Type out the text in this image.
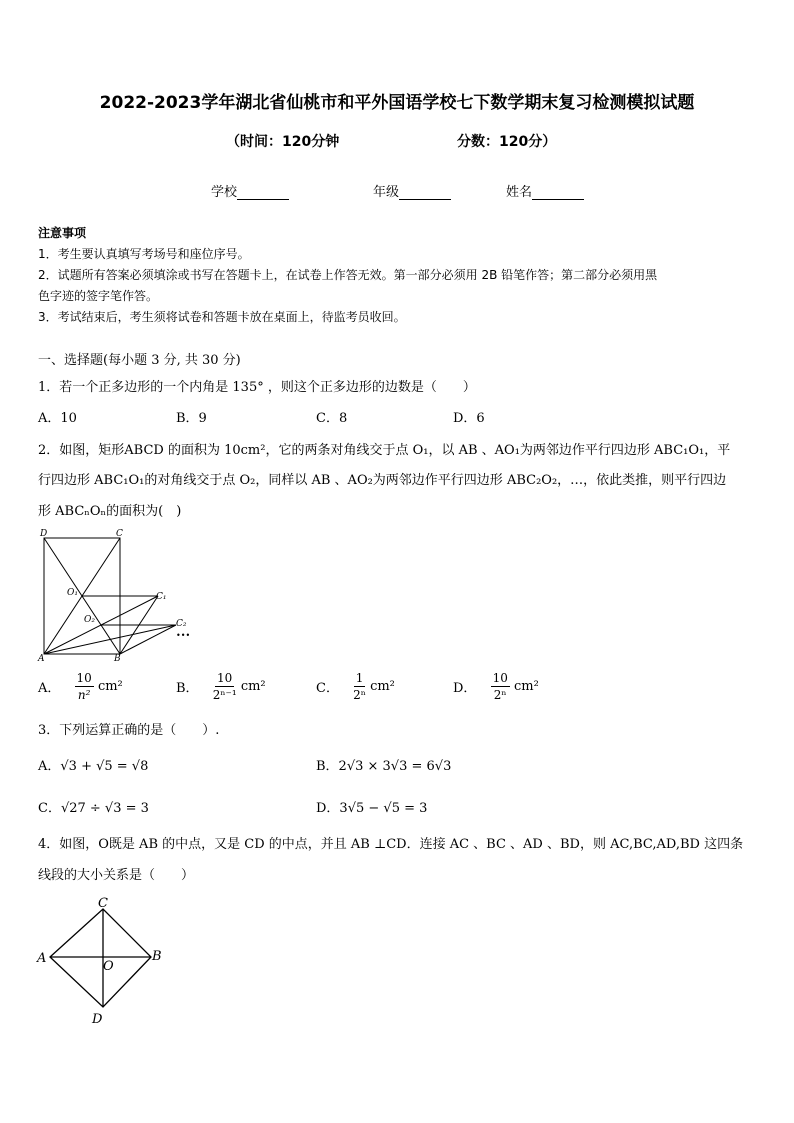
2022-2023学年湖北省仙桃市和平外国语学校七下数学期末复习检测模拟试题
（时间：120分钟	分数：120分）
学校	年级	姓名
注意事项
1．考生要认真填写考场号和座位序号。
2．试题所有答案必须填涂或书写在答题卡上，在试卷上作答无效。第一部分必须用 2B 铅笔作答；第二部分必须用黑
色字迹的签字笔作答。
3．考试结束后，考生须将试卷和答题卡放在桌面上，待监考员收回。
一、选择题(每小题 3 分, 共 30 分)
1．若一个正多边形的一个内角是 135° ，则这个正多边形的边数是（　　）
A．10	B．9	C．8	D．6
2．如图，矩形ABCD 的面积为 10cm²，它的两条对角线交于点 O₁，以 AB 、AO₁为两邻边作平行四边形 ABC₁O₁，平
行四边形 ABC₁O₁的对角线交于点 O₂，同样以 AB 、AO₂为两邻边作平行四边形 ABC₂O₂，…，依此类推，则平行四边
形 ABCₙOₙ的面积为(　)
D	C
O₁	C₁
O₂	C₂
A	B
•••
A． $\frac{10}{\text{n²}} cm^2$	B． $\frac{10}{\text{2ⁿ⁻¹}} cm^2$	C． $\frac{1}{\text{2ⁿ}} cm^2$	D． $\frac{10}{\text{2ⁿ}} cm^2$
3．下列运算正确的是（　　）.
A．√3 + √5 = √8	B．2√3 × 3√3 = 6√3
C．√27 ÷ √3 = 3	D．3√5 − √5 = 3
4．如图，O既是 AB 的中点，又是 CD 的中点，并且 AB ⊥CD．连接 AC 、BC 、AD 、BD，则 AC,BC,AD,BD 这四条
线段的大小关系是（　　）
C
A
O
B
D
